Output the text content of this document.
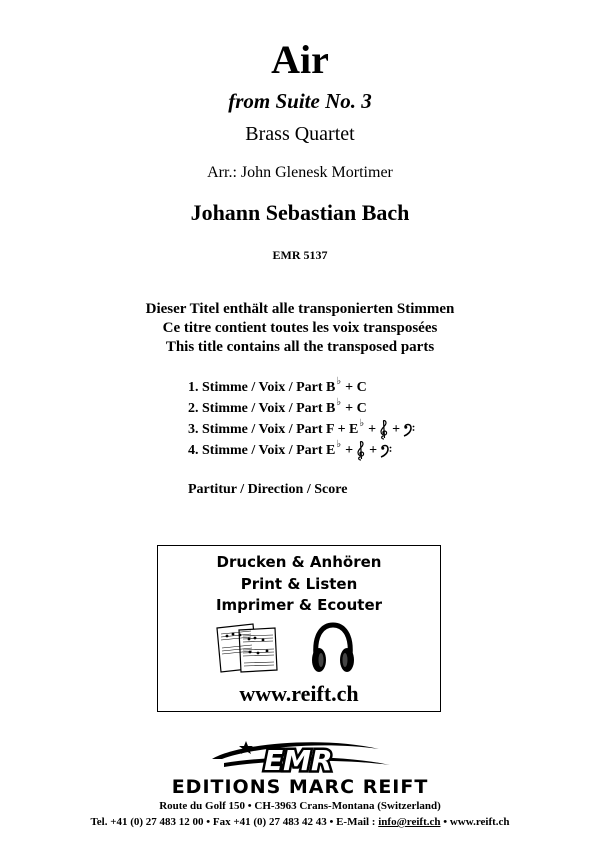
Air
from Suite No. 3
Brass Quartet
Arr.: John Glenesk Mortimer
Johann Sebastian Bach
EMR 5137
Dieser Titel enthält alle transponierten Stimmen
Ce titre contient toutes les voix transposées
This title contains all the transposed parts
1. Stimme / Voix / Part B ♭ + C
2. Stimme / Voix / Part B ♭ + C
3. Stimme / Voix / Part F + E ♭ + +
4. Stimme / Voix / Part E ♭ + +
Partitur / Direction / Score
Drucken & Anhören
Print & Listen
Imprimer & Ecouter
www.reift.ch
EMR
EDITIONS MARC REIFT
Route du Golf 150 • CH-3963 Crans-Montana (Switzerland)
Tel. +41 (0) 27 483 12 00 • Fax +41 (0) 27 483 42 43 • E-Mail : info@reift.ch • www.reift.ch
